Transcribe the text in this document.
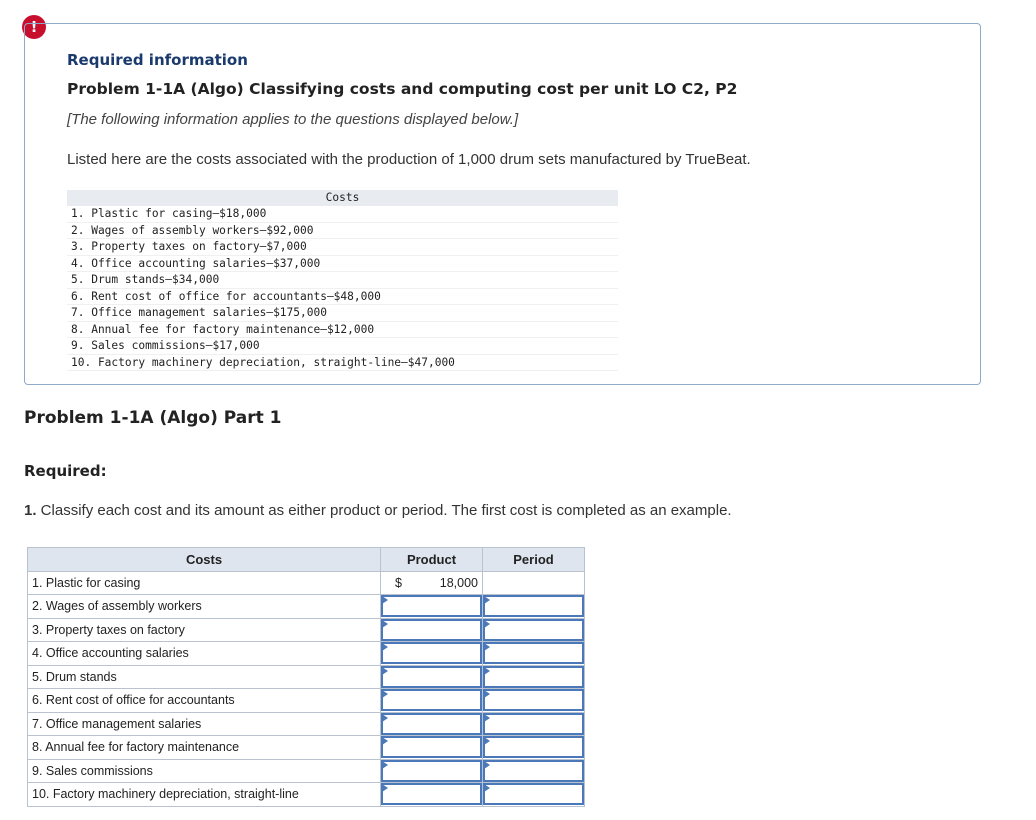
!
Required information
Problem 1-1A (Algo) Classifying costs and computing cost per unit LO C2, P2
[The following information applies to the questions displayed below.]
Listed here are the costs associated with the production of 1,000 drum sets manufactured by TrueBeat.
Costs
1. Plastic for casing—$18,000
2. Wages of assembly workers—$92,000
3. Property taxes on factory—$7,000
4. Office accounting salaries—$37,000
5. Drum stands—$34,000
6. Rent cost of office for accountants—$48,000
7. Office management salaries—$175,000
8. Annual fee for factory maintenance—$12,000
9. Sales commissions—$17,000
10. Factory machinery depreciation, straight-line—$47,000
Problem 1-1A (Algo) Part 1
Required:
1. Classify each cost and its amount as either product or period. The first cost is completed as an example.
Costs	Product	Period
1. Plastic for casing	$ 18,000	

2. Wages of assembly workers	

3. Property taxes on factory	

4. Office accounting salaries	

5. Drum stands	

6. Rent cost of office for accountants	

7. Office management salaries	

8. Annual fee for factory maintenance	

9. Sales commissions	

10. Factory machinery depreciation, straight-line	
